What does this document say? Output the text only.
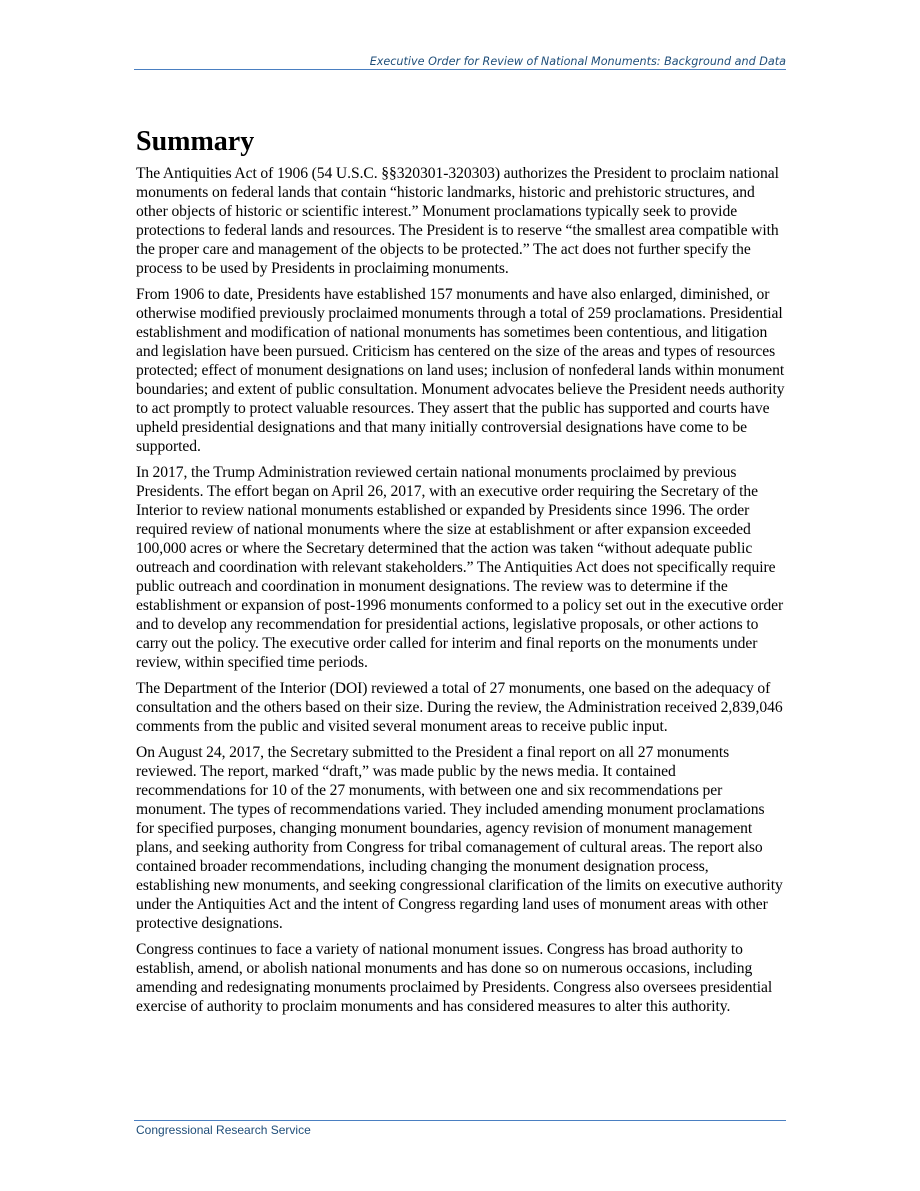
Executive Order for Review of National Monuments: Background and Data
Summary

The Antiquities Act of 1906 (54 U.S.C. §§320301-320303) authorizes the President to proclaim national monuments on federal lands that contain “historic landmarks, historic and prehistoric structures, and other objects of historic or scientific interest.” Monument proclamations typically seek to provide protections to federal lands and resources. The President is to reserve “the smallest area compatible with the proper care and management of the objects to be protected.” The act does not further specify the process to be used by Presidents in proclaiming monuments.

From 1906 to date, Presidents have established 157 monuments and have also enlarged, diminished, or otherwise modified previously proclaimed monuments through a total of 259 proclamations. Presidential establishment and modification of national monuments has sometimes been contentious, and litigation and legislation have been pursued. Criticism has centered on the size of the areas and types of resources protected; effect of monument designations on land uses; inclusion of nonfederal lands within monument boundaries; and extent of public consultation. Monument advocates believe the President needs authority to act promptly to protect valuable resources. They assert that the public has supported and courts have upheld presidential designations and that many initially controversial designations have come to be supported.

In 2017, the Trump Administration reviewed certain national monuments proclaimed by previous Presidents. The effort began on April 26, 2017, with an executive order requiring the Secretary of the Interior to review national monuments established or expanded by Presidents since 1996. The order required review of national monuments where the size at establishment or after expansion exceeded 100,000 acres or where the Secretary determined that the action was taken “without adequate public outreach and coordination with relevant stakeholders.” The Antiquities Act does not specifically require public outreach and coordination in monument designations. The review was to determine if the establishment or expansion of post-1996 monuments conformed to a policy set out in the executive order and to develop any recommendation for presidential actions, legislative proposals, or other actions to carry out the policy. The executive order called for interim and final reports on the monuments under review, within specified time periods.

The Department of the Interior (DOI) reviewed a total of 27 monuments, one based on the adequacy of consultation and the others based on their size. During the review, the Administration received 2,839,046 comments from the public and visited several monument areas to receive public input.

On August 24, 2017, the Secretary submitted to the President a final report on all 27 monuments reviewed. The report, marked “draft,” was made public by the news media. It contained recommendations for 10 of the 27 monuments, with between one and six recommendations per monument. The types of recommendations varied. They included amending monument proclamations for specified purposes, changing monument boundaries, agency revision of monument management plans, and seeking authority from Congress for tribal comanagement of cultural areas. The report also contained broader recommendations, including changing the monument designation process, establishing new monuments, and seeking congressional clarification of the limits on executive authority under the Antiquities Act and the intent of Congress regarding land uses of monument areas with other protective designations.

Congress continues to face a variety of national monument issues. Congress has broad authority to establish, amend, or abolish national monuments and has done so on numerous occasions, including amending and redesignating monuments proclaimed by Presidents. Congress also oversees presidential exercise of authority to proclaim monuments and has considered measures to alter this authority.

Congressional Research Service
